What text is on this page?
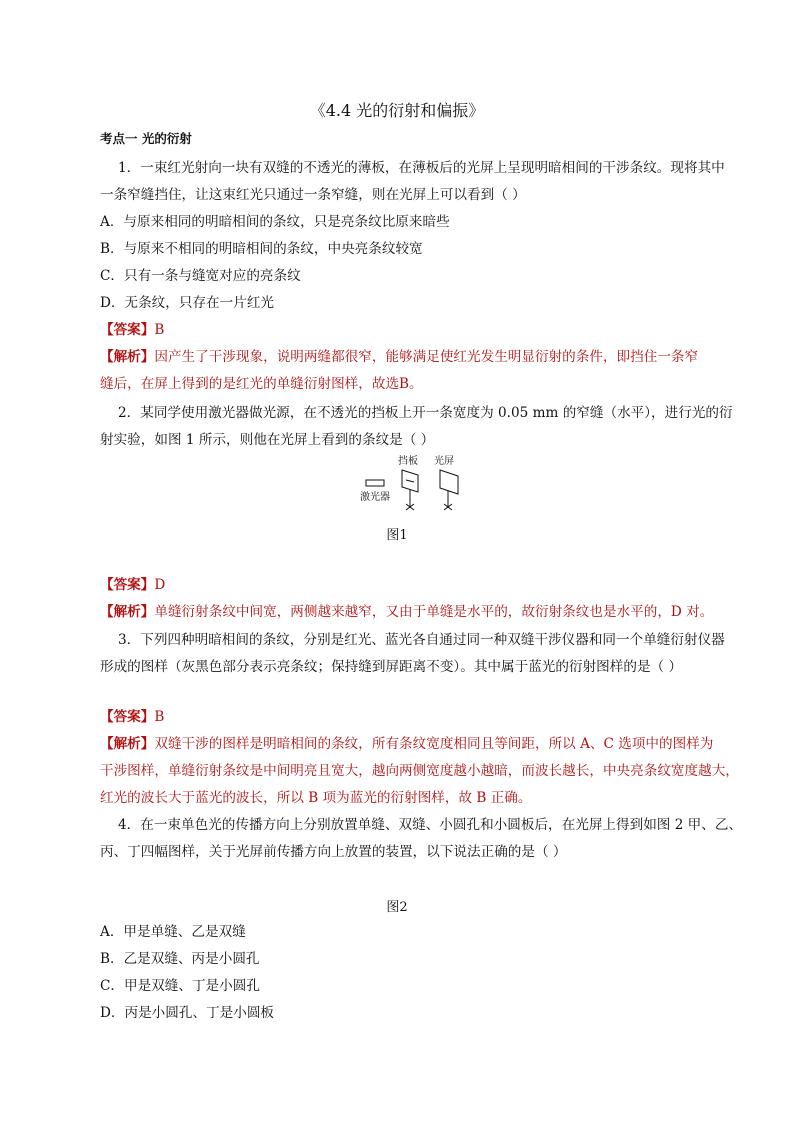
《4.4 光的衍射和偏振》
考点一 光的衍射
1．一束红光射向一块有双缝的不透光的薄板，在薄板后的光屏上呈现明暗相间的干涉条纹。现将其中
一条窄缝挡住，让这束红光只通过一条窄缝，则在光屏上可以看到（ ）
A．与原来相同的明暗相间的条纹，只是亮条纹比原来暗些
B．与原来不相同的明暗相间的条纹，中央亮条纹较宽
C．只有一条与缝宽对应的亮条纹
D．无条纹，只存在一片红光
【答案】B
【解析】因产生了干涉现象，说明两缝都很窄，能够满足使红光发生明显衍射的条件，即挡住一条窄
缝后，在屏上得到的是红光的单缝衍射图样，故选B。
2．某同学使用激光器做光源，在不透光的挡板上开一条宽度为 0.05 mm 的窄缝（水平），进行光的衍
射实验，如图 1 所示，则他在光屏上看到的条纹是（ ）
激光器
挡板 光屏
图1
【答案】D
【解析】单缝衍射条纹中间宽，两侧越来越窄，又由于单缝是水平的，故衍射条纹也是水平的，D 对。
3．下列四种明暗相间的条纹，分别是红光、蓝光各自通过同一种双缝干涉仪器和同一个单缝衍射仪器
形成的图样（灰黑色部分表示亮条纹；保持缝到屏距离不变）。其中属于蓝光的衍射图样的是（ ）
【答案】B
【解析】双缝干涉的图样是明暗相间的条纹，所有条纹宽度相同且等间距，所以 A、C 选项中的图样为
干涉图样，单缝衍射条纹是中间明亮且宽大，越向两侧宽度越小越暗，而波长越长，中央亮条纹宽度越大，
红光的波长大于蓝光的波长，所以 B 项为蓝光的衍射图样，故 B 正确。
4．在一束单色光的传播方向上分别放置单缝、双缝、小圆孔和小圆板后，在光屏上得到如图 2 甲、乙、
丙、丁四幅图样，关于光屏前传播方向上放置的装置，以下说法正确的是（ ）
图2
A．甲是单缝、乙是双缝
B．乙是双缝、丙是小圆孔
C．甲是双缝、丁是小圆孔
D．丙是小圆孔、丁是小圆板
